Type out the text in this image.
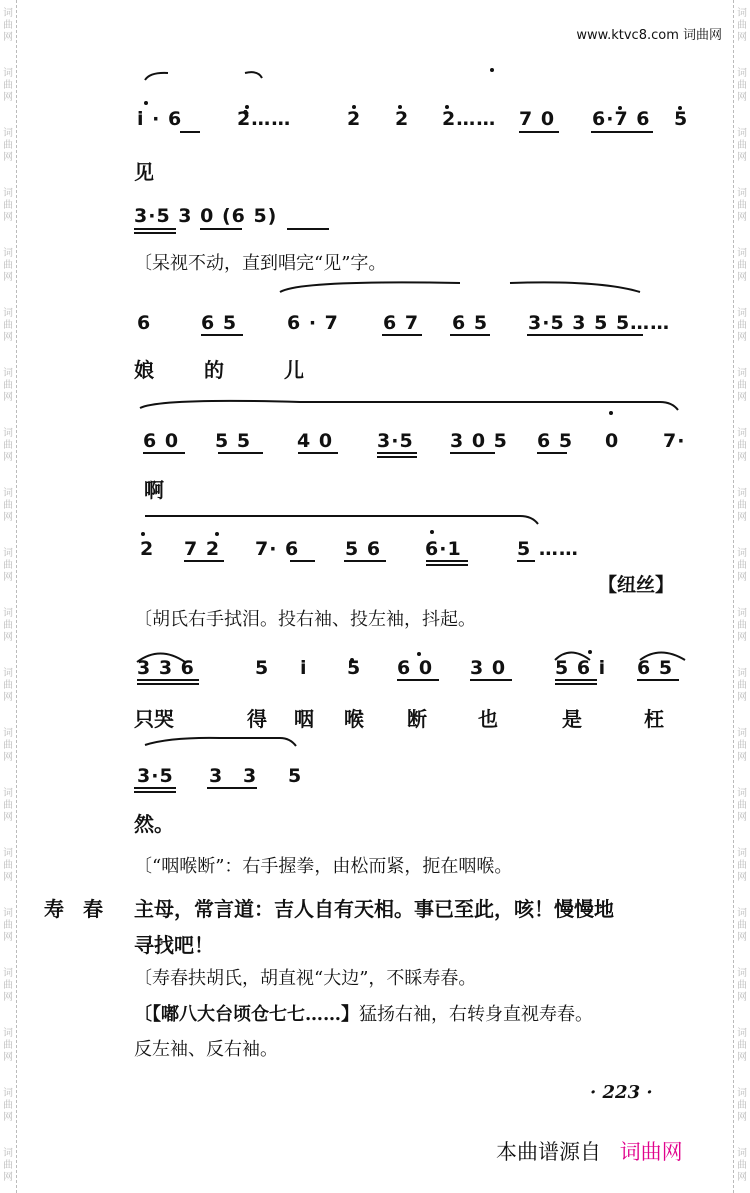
词曲网
词曲网
词曲网
词曲网
词曲网
词曲网
词曲网
词曲网
词曲网
词曲网
词曲网
词曲网
词曲网
词曲网
词曲网
词曲网
词曲网
词曲网
词曲网
词曲网
词曲网
词曲网
词曲网
词曲网
词曲网
词曲网
词曲网
词曲网
词曲网
词曲网
词曲网
词曲网
词曲网
词曲网
词曲网
词曲网
词曲网
词曲网
词曲网
词曲网
www.ktvc8.com 词曲网
i · 6	2̂……	2 2 2…… 7 0 6·7 6 5
见
3·5 3 0 (6 5)
〔呆视不动，直到唱完“见”字。
6	6 5	6 · 7 6 7 6 5 3·5 3 5 5……
娘	的	儿
6 0 5 5 4 0 3·5 3 0 5 6 5 0 7·
啊
2 7 2 7· 6 5 6 6·1	5 ……
【纽丝】
〔胡氏右手拭泪。投右袖、投左袖，抖起。
3 3 6	5 i 5 6 0 3 0	5 6 i 6 5
只哭	得 咽 喉 断	也	是	枉
3·5 3 3 5
然。
〔“咽喉断”：右手握拳，由松而紧，扼在咽喉。
寿 春 主母，常言道：吉人自有天相。事已至此，咳！慢慢地
寻找吧！
〔寿春扶胡氏，胡直视“大边”，不睬寿春。
〔【嘟八大台顷仓七七……】猛扬右袖，右转身直视寿春。
反左袖、反右袖。
· 223 ·
本曲谱源自 词曲网
